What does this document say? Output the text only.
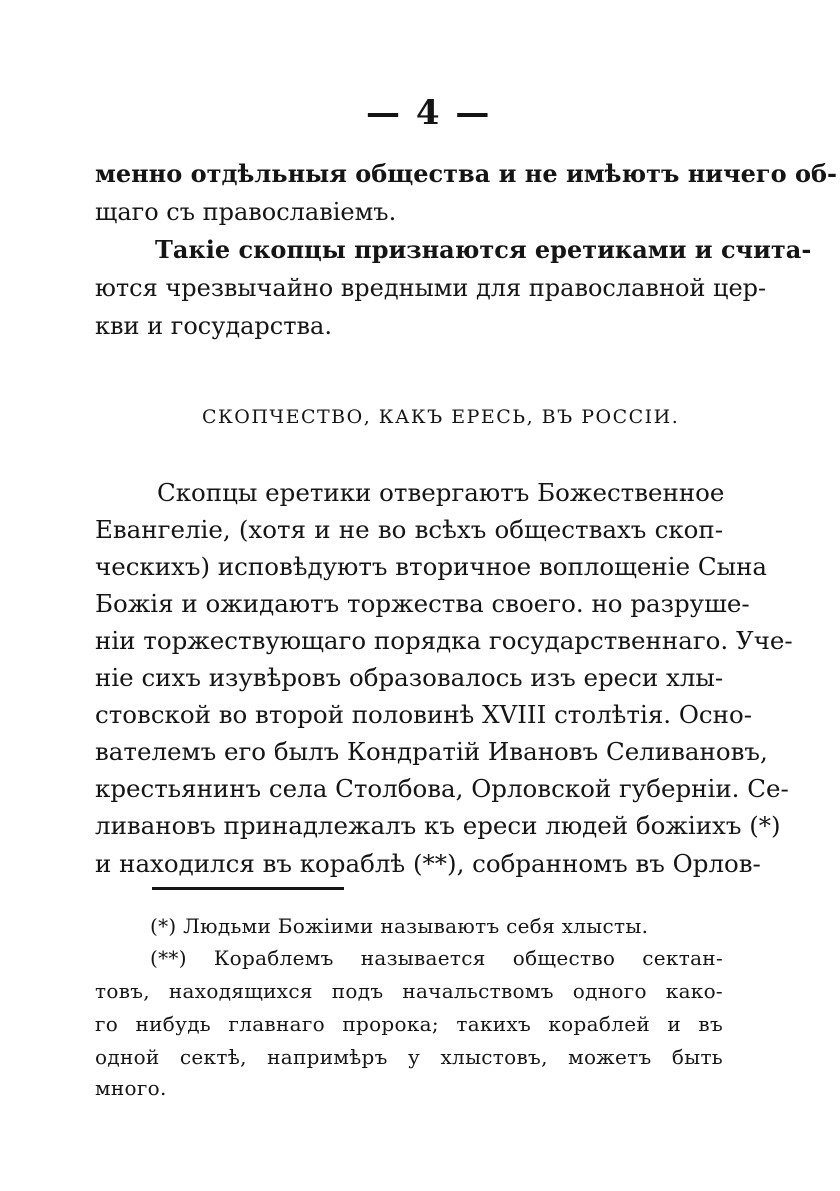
— 4 —
менно отдѣльныя общества и не имѣютъ ничего об-
щаго съ православіемъ.
Такіе скопцы признаются еретиками и счита-
ются чрезвычайно вредными для православной цер-
кви и государства.
СКОПЧЕСТВО, КАКЪ ЕРЕСЬ, ВЪ РОССІИ.
Скопцы еретики отвергаютъ Божественное
Евангеліе, (хотя и не во всѣхъ обществахъ скоп-
ческихъ) исповѣдуютъ вторичное воплощеніе Сына
Божія и ожидаютъ торжества своего. но разруше-
ніи торжествующаго порядка государственнаго. Уче-
ніе сихъ изувѣровъ образовалось изъ ереси хлы-
стовской во второй половинѣ XVIII столѣтія. Осно-
вателемъ его былъ Кондратій Ивановъ Селивановъ,
крестьянинъ села Столбова, Орловской губерніи. Се-
ливановъ принадлежалъ къ ереси людей божіихъ (*)
и находился въ кораблѣ (**), собранномъ въ Орлов-
(*) Людьми Божіими называютъ себя хлысты.
(**) Кораблемъ называется общество сектан-
товъ, находящихся подъ начальствомъ одного како-
го нибудь главнаго пророка; такихъ кораблей и въ
одной сектѣ, напримѣръ у хлыстовъ, можетъ быть
много.
